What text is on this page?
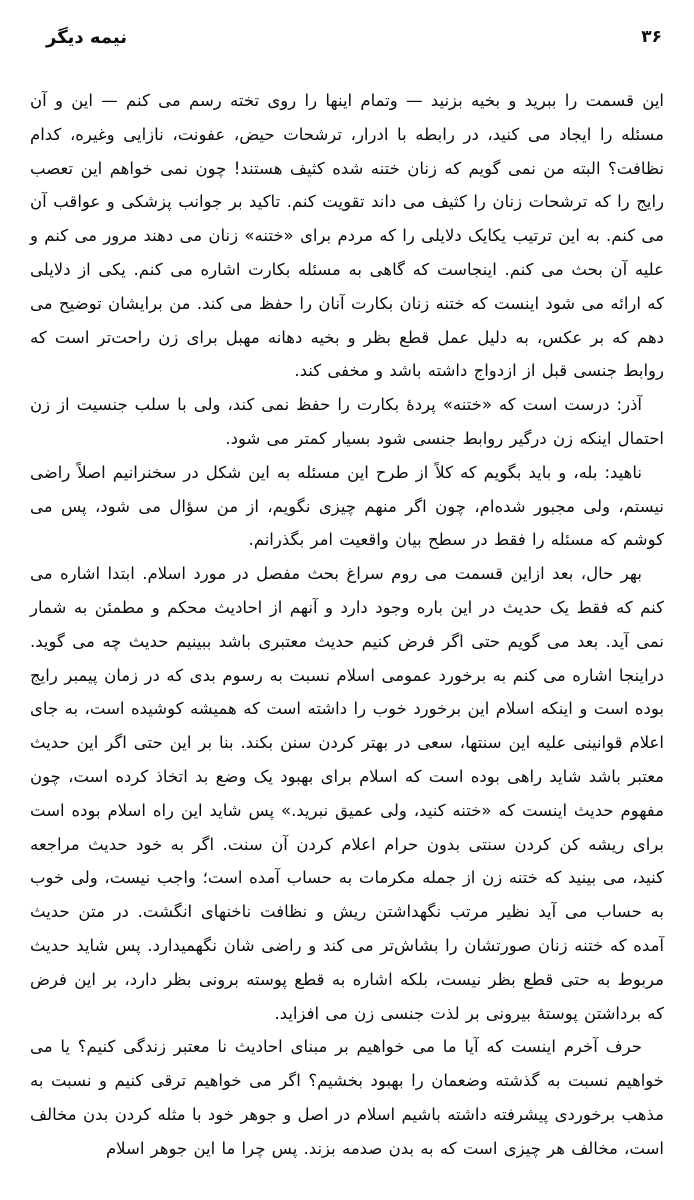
نیمه دیگر	۳۶

این قسمت را ببرید و بخیه بزنید — وتمام اینها را روی تخته رسم می کنم — این و آن مسئله را ایجاد می کنید، در رابطه با ادرار، ترشحات حیض، عفونت، نازایی وغیره، کدام نظافت؟ البته من نمی گویم که زنان ختنه شده کثیف هستند! چون نمی خواهم این تعصب رایج را که ترشحات زنان را کثیف می داند تقویت کنم. تاکید بر جوانب پزشکی و عواقب آن می کنم. به این ترتیب یکایک دلایلی را که مردم برای «ختنه» زنان می دهند مرور می کنم و علیه آن بحث می کنم. اینجاست که گاهی به مسئله بکارت اشاره می کنم. یکی از دلایلی که ارائه می شود اینست که ختنه زنان بکارت آنان را حفظ می کند. من برایشان توضیح می دهم که بر عکس، به دلیل عمل قطع بظر و بخیه دهانه مهبل برای زن راحت‌تر است که روابط جنسی قبل از ازدواج داشته باشد و مخفی کند.

آذر: درست است که «ختنه» پردهٔ بکارت را حفظ نمی کند، ولی با سلب جنسیت از زن احتمال اینکه زن درگیر روابط جنسی شود بسیار کمتر می شود.

ناهید: بله، و باید بگویم که کلاً از طرح این مسئله به این شکل در سخنرانیم اصلاً راضی نیستم، ولی مجبور شده‌ام، چون اگر منهم چیزی نگویم، از من سؤال می شود، پس می کوشم که مسئله را فقط در سطح بیان واقعیت امر بگذرانم.

بهر حال، بعد ازاین قسمت می روم سراغ بحث مفصل در مورد اسلام. ابتدا اشاره می کنم که فقط یک حدیث در این باره وجود دارد و آنهم از احادیث محکم و مطمئن به شمار نمی آید. بعد می گویم حتی اگر فرض کنیم حدیث معتبری باشد ببینیم حدیث چه می گوید. دراینجا اشاره می کنم به برخورد عمومی اسلام نسبت به رسوم بدی که در زمان پیمبر رایج بوده است و اینکه اسلام این برخورد خوب را داشته است که همیشه کوشیده است، به جای اعلام قوانینی علیه این سنتها، سعی در بهتر کردن سنن بکند. بنا بر این حتی اگر این حدیث معتبر باشد شاید راهی بوده است که اسلام برای بهبود یک وضع بد اتخاذ کرده است، چون مفهوم حدیث اینست که «ختنه کنید، ولی عمیق نبرید.» پس شاید این راه اسلام بوده است برای ریشه کن کردن سنتی بدون حرام اعلام کردن آن سنت. اگر به خود حدیث مراجعه کنید، می بینید که ختنه زن از جمله مکرمات به حساب آمده است؛ واجب نیست، ولی خوب به حساب می آید نظیر مرتب نگهداشتن ریش و نظافت ناخنهای انگشت. در متن حدیث آمده که ختنه زنان صورتشان را بشاش‌تر می کند و راضی شان نگهمیدارد. پس شاید حدیث مربوط به حتی قطع بظر نیست، بلکه اشاره به قطع پوسته برونی بظر دارد، بر این فرض که برداشتن پوستهٔ بیرونی بر لذت جنسی زن می افزاید.

حرف آخرم اینست که آیا ما می خواهیم بر مبنای احادیث نا معتبر زندگی کنیم؟ یا می خواهیم نسبت به گذشته وضعمان را بهبود بخشیم؟ اگر می خواهیم ترقی کنیم و نسبت به مذهب برخوردی پیشرفته داشته باشیم اسلام در اصل و جوهر خود با مثله کردن بدن مخالف است، مخالف هر چیزی است که به بدن صدمه بزند. پس چرا ما این جوهر اسلام
